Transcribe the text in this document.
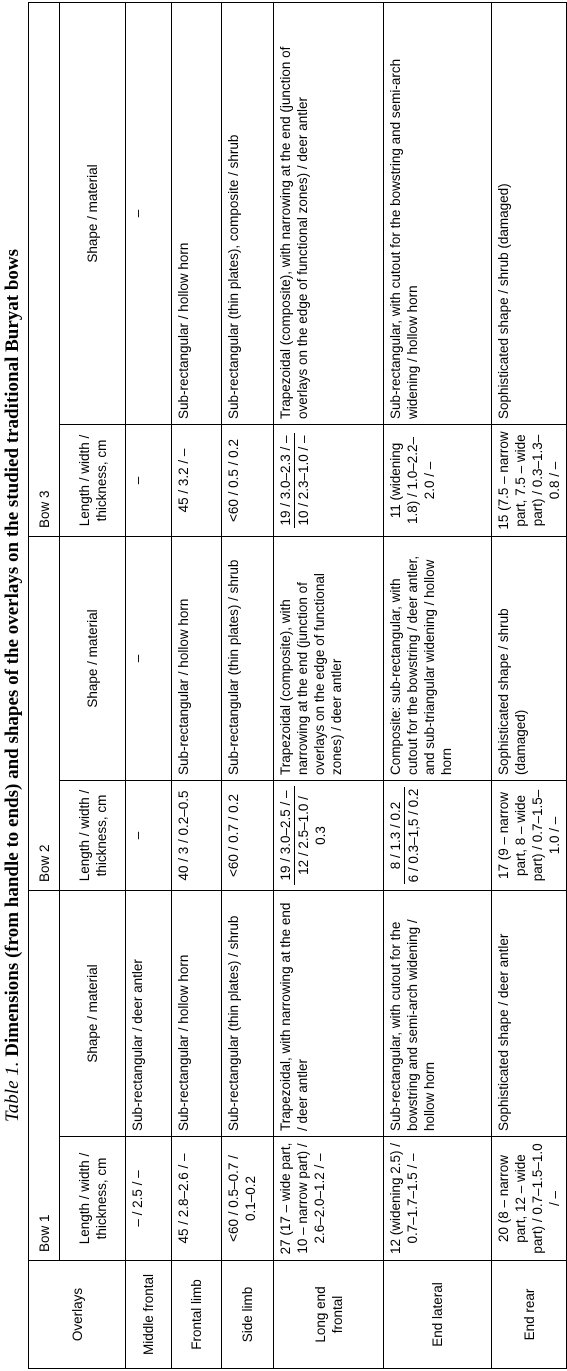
Table 1. Dimensions (from handle to ends) and shapes of the overlays on the studied traditional Buryat bows
Overlays	Bow 1		Bow 2		Bow 3	
	Length / width / thickness, cm	Shape / material	Length / width / thickness, cm	Shape / material	Length / width / thickness, cm	Shape / material
Middle frontal	– / 2.5 / –	Sub-rectangular / deer antler	–	–	–	–
Frontal limb	45 / 2.8–2.6 / –	Sub-rectangular / hollow horn	40 / 3 / 0.2–0.5	Sub-rectangular / hollow horn	45 / 3.2 / –	Sub-rectangular / hollow horn
Side limb	<60 / 0.5–0.7 / 0.1–0.2	Sub-rectangular (thin plates) / shrub	<60 / 0.7 / 0.2	Sub-rectangular (thin plates) / shrub	<60 / 0.5 / 0.2	Sub-rectangular (thin plates), composite / shrub
Long end frontal	27 (17 – wide part, 10 – narrow part) / 2.6–2.0–1.2 / –	Trapezoidal, with narrowing at the end / deer antler	19 / 3.0–2.5 / – 12 / 2.5–1.0 / 0.3	Trapezoidal (composite), with narrowing at the end (junction of overlays on the edge of functional zones) / deer antler	19 / 3.0–2.3 / – 10 / 2.3–1.0 / –	Trapezoidal (composite), with narrowing at the end (junction of overlays on the edge of functional zones) / deer antler
End lateral	12 (widening 2.5) / 0.7–1.7–1.5 / –	Sub-rectangular, with cutout for the bowstring and semi-arch widening / hollow horn	8 / 1.3 / 0.2 6 / 0.3–1,5 / 0.2	Composite: sub-rectangular, with cutout for the bowstring / deer antler, and sub-triangular widening / hollow horn	11 (widening 1.8) / 1.0–2.2–2.0 / –	Sub-rectangular, with cutout for the bowstring and semi-arch widening / hollow horn
End rear	20 (8 – narrow part, 12 – wide part) / 0.7–1.5–1.0 / –	Sophisticated shape / deer antler	17 (9 – narrow part, 8 – wide part) / 0.7–1.5–1.0 / –	Sophisticated shape / shrub (damaged)	15 (7.5 – narrow part, 7.5 – wide part) / 0.3–1.3–0.8 / –	Sophisticated shape / shrub (damaged)
